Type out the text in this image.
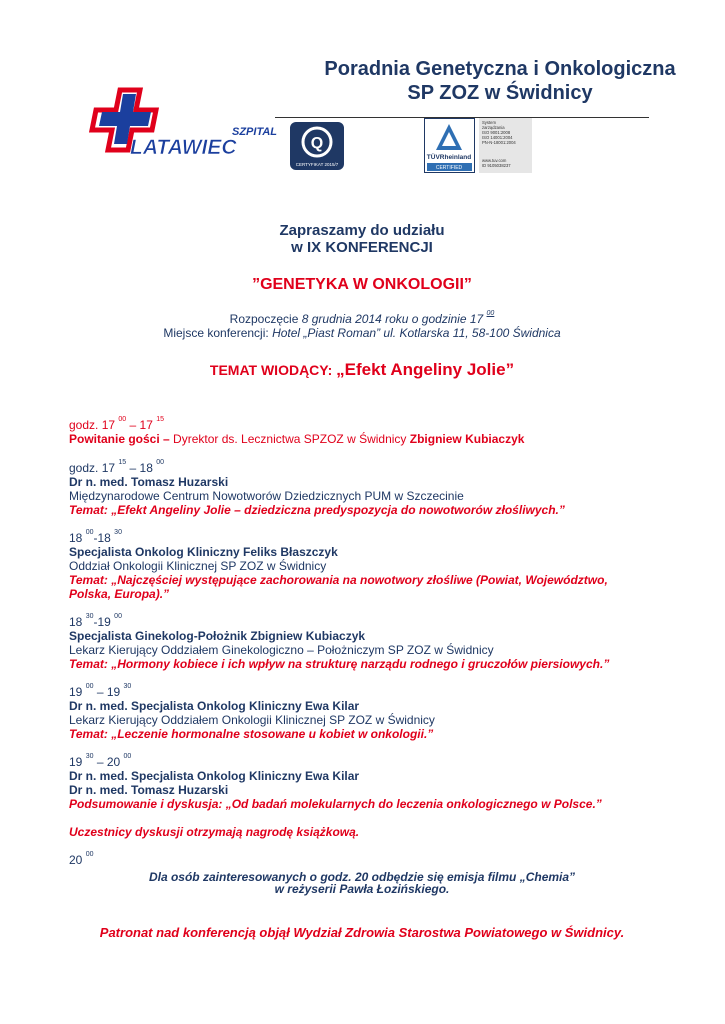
Poradnia Genetyczna i Onkologiczna
SP ZOZ w Świdnicy
SZPITAL
LATAWIEC	Q
CERTYFIKAT 2015/7
TÜVRheinland
CERTIFIED
System
zarządzania
ISO 9001:2008
ISO 14001:2004
PN-N-18001:2004
www.tuv.com
ID 9105038237
Zapraszamy do udziału
w IX KONFERENCJI
”GENETYKA W ONKOLOGII”
Rozpoczęcie 8 grudnia 2014 roku o godzinie 17 $^{00}$
Miejsce konferencji: Hotel „Piast Roman” ul. Kotlarska 11, 58-100 Świdnica
TEMAT WIODĄCY: „Efekt Angeliny Jolie”
godz. 17 $^{00}$ – 17 $^{15}$
Powitanie gości – Dyrektor ds. Lecznictwa SPZOZ w Świdnicy Zbigniew Kubiaczyk
godz. 17 $^{15}$ – 18 $^{00}$
Dr n. med. Tomasz Huzarski
Międzynarodowe Centrum Nowotworów Dziedzicznych PUM w Szczecinie
Temat: „Efekt Angeliny Jolie – dziedziczna predyspozycja do nowotworów złośliwych.”
18 $^{00}$-18 $^{30}$
Specjalista Onkolog Kliniczny Feliks Błaszczyk
Oddział Onkologii Klinicznej SP ZOZ w Świdnicy
Temat: „Najczęściej występujące zachorowania na nowotwory złośliwe (Powiat, Województwo,
Polska, Europa).”
18 $^{30}$-19 $^{00}$
Specjalista Ginekolog-Położnik Zbigniew Kubiaczyk
Lekarz Kierujący Oddziałem Ginekologiczno – Położniczym SP ZOZ w Świdnicy
Temat: „Hormony kobiece i ich wpływ na strukturę narządu rodnego i gruczołów piersiowych.”
19 $^{00}$ – 19 $^{30}$
Dr n. med. Specjalista Onkolog Kliniczny Ewa Kilar
Lekarz Kierujący Oddziałem Onkologii Klinicznej SP ZOZ w Świdnicy
Temat: „Leczenie hormonalne stosowane u kobiet w onkologii.”
19 $^{30}$ – 20 $^{00}$
Dr n. med. Specjalista Onkolog Kliniczny Ewa Kilar
Dr n. med. Tomasz Huzarski
Podsumowanie i dyskusja: „Od badań molekularnych do leczenia onkologicznego w Polsce.”
Uczestnicy dyskusji otrzymają nagrodę książkową.
20 $^{00}$
Dla osób zainteresowanych o godz. 20 odbędzie się emisja filmu „Chemia”
w reżyserii Pawła Łozińskiego.
Patronat nad konferencją objął Wydział Zdrowia Starostwa Powiatowego w Świdnicy.
